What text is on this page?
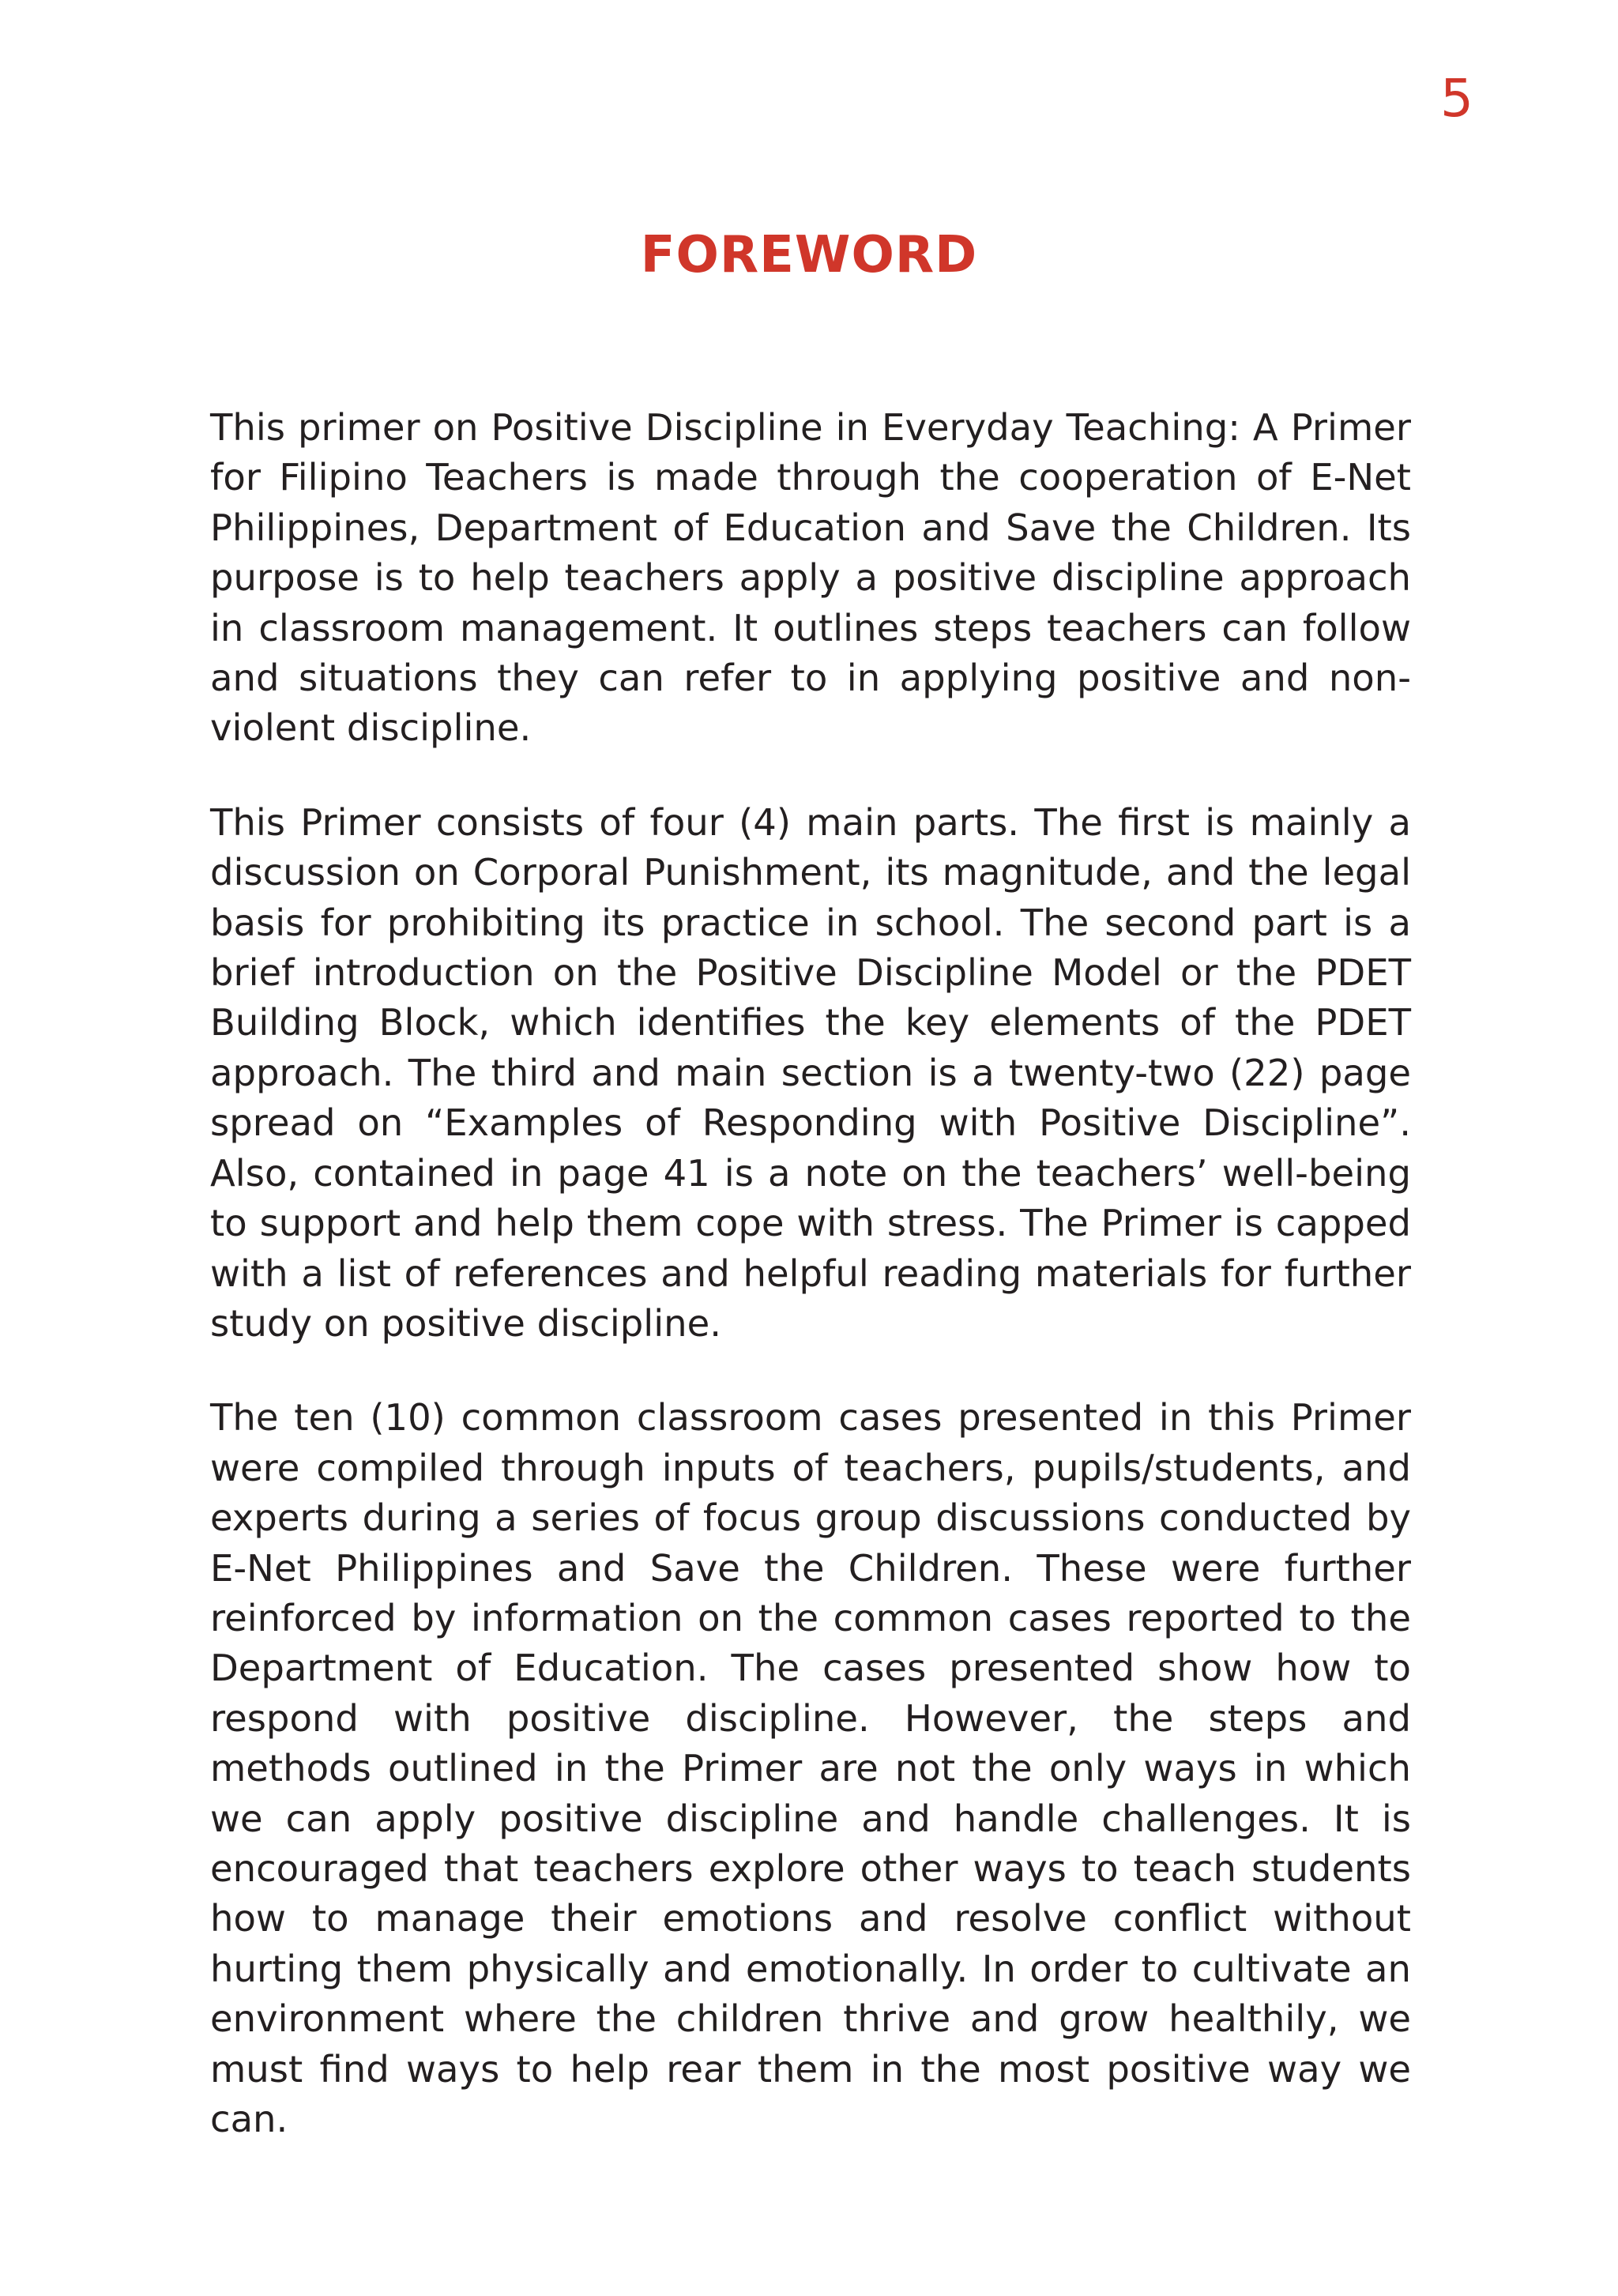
5
FOREWORD

This primer on Positive Discipline in Everyday Teaching: A Primer for Filipino Teachers is made through the cooperation of E-Net Philippines, Department of Education and Save the Children. Its purpose is to help teachers apply a positive discipline approach in classroom management. It outlines steps teachers can follow and situations they can refer to in applying positive and non-violent discipline.

This Primer consists of four (4) main parts. The first is mainly a discussion on Corporal Punishment, its magnitude, and the legal basis for prohibiting its practice in school. The second part is a brief introduction on the Positive Discipline Model or the PDET Building Block, which identifies the key elements of the PDET approach. The third and main section is a twenty-two (22) page spread on “Examples of Responding with Positive Discipline”. Also, contained in page 41 is a note on the teachers’ well-being to support and help them cope with stress. The Primer is capped with a list of references and helpful reading materials for further study on positive discipline.

The ten (10) common classroom cases presented in this Primer were compiled through inputs of teachers, pupils/students, and experts during a series of focus group discussions conducted by E-Net Philippines and Save the Children. These were further reinforced by information on the common cases reported to the Department of Education. The cases presented show how to respond with positive discipline. However, the steps and methods outlined in the Primer are not the only ways in which we can apply positive discipline and handle challenges. It is encouraged that teachers explore other ways to teach students how to manage their emotions and resolve conflict without hurting them physically and emotionally. In order to cultivate an environment where the children thrive and grow healthily, we must find ways to help rear them in the most positive way we can.
